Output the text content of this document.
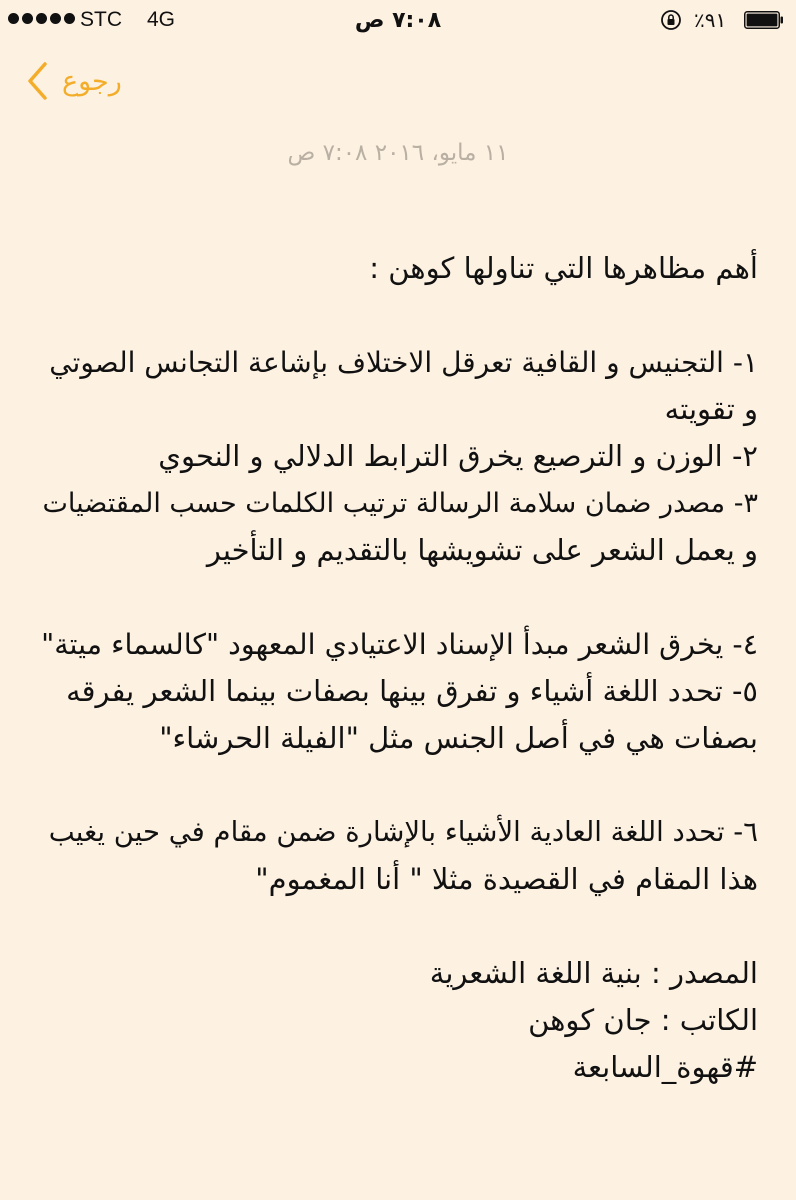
STC 4G	٧:٠٨ ص	٩١٪
رجوع
١١ مايو، ٢٠١٦ ٧:٠٨ ص
أهم مظاهرها التي تناولها كوهن :
١- التجنيس و القافية تعرقل الاختلاف بإشاعة التجانس الصوتي
و تقويته
٢- الوزن و الترصيع يخرق الترابط الدلالي و النحوي
٣- مصدر ضمان سلامة الرسالة ترتيب الكلمات حسب المقتضيات
و يعمل الشعر على تشويشها بالتقديم و التأخير
٤- يخرق الشعر مبدأ الإسناد الاعتيادي المعهود "كالسماء ميتة"
٥- تحدد اللغة أشياء و تفرق بينها بصفات بينما الشعر يفرقه
بصفات هي في أصل الجنس مثل "الفيلة الحرشاء"
٦- تحدد اللغة العادية الأشياء بالإشارة ضمن مقام في حين يغيب
هذا المقام في القصيدة مثلا " أنا المغموم"
المصدر : بنية اللغة الشعرية
الكاتب : جان كوهن
#قهوة_السابعة
